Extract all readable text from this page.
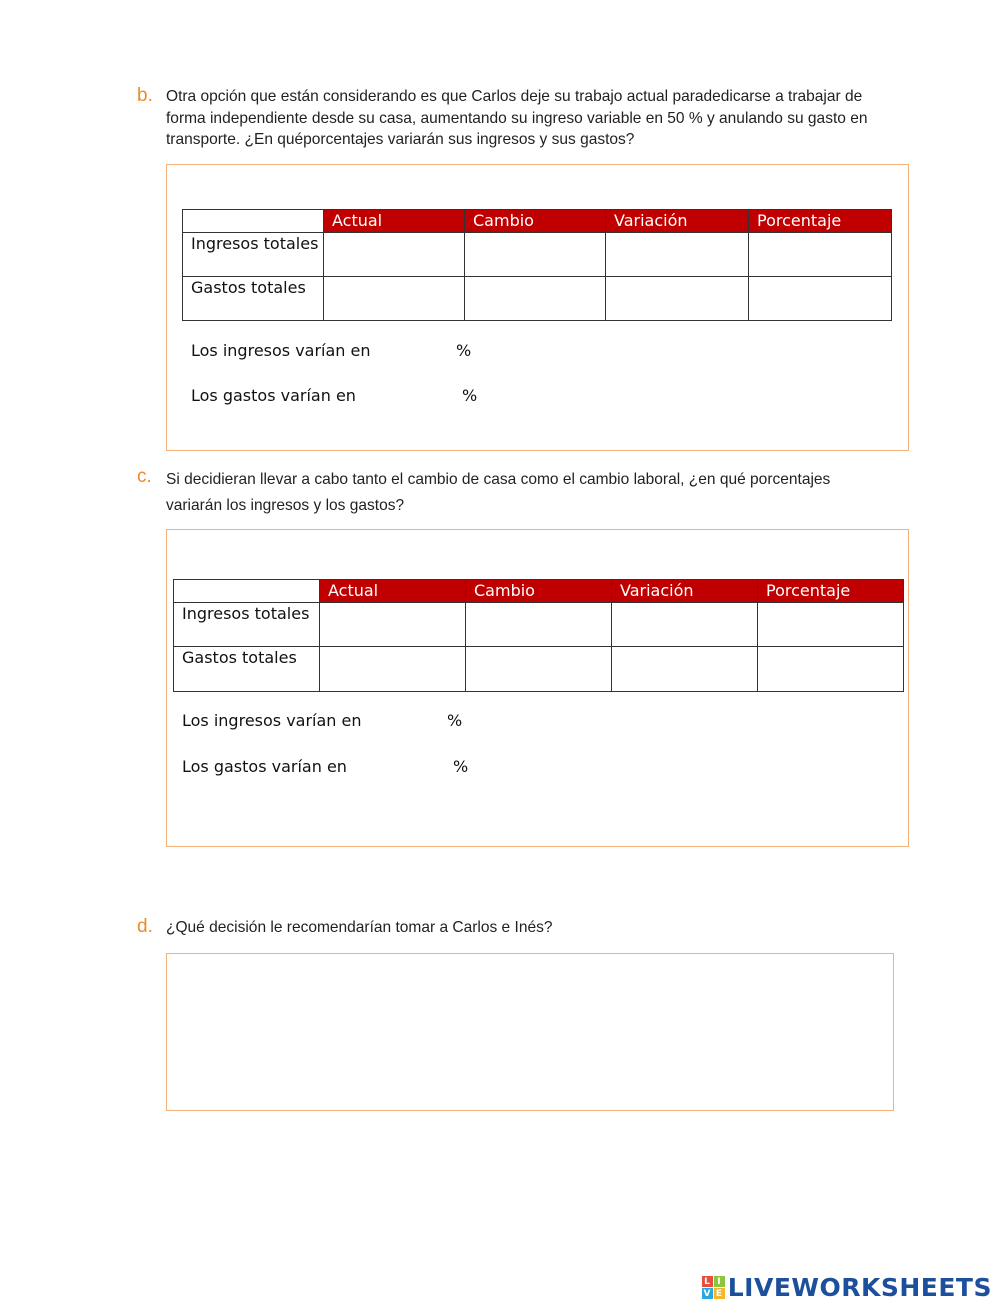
b. Otra opción que están considerando es que Carlos deje su trabajo actual paradedicarse a trabajar de forma independiente desde su casa, aumentando su ingreso variable en 50 % y anulando su gasto en transporte. ¿En quéporcentajes variarán sus ingresos y sus gastos?
	Actual	Cambio	Variación	Porcentaje
Ingresos totales				
Gastos totales				
Los ingresos varían en	%
Los gastos varían en	%
c. Si decidieran llevar a cabo tanto el cambio de casa como el cambio laboral, ¿en qué porcentajes variarán los ingresos y los gastos?
	Actual	Cambio	Variación	Porcentaje
Ingresos totales				
Gastos totales				
Los ingresos varían en	%
Los gastos varían en	%
d. ¿Qué decisión le recomendarían tomar a Carlos e Inés?
L I
V E LIVEWORKSHEETS
